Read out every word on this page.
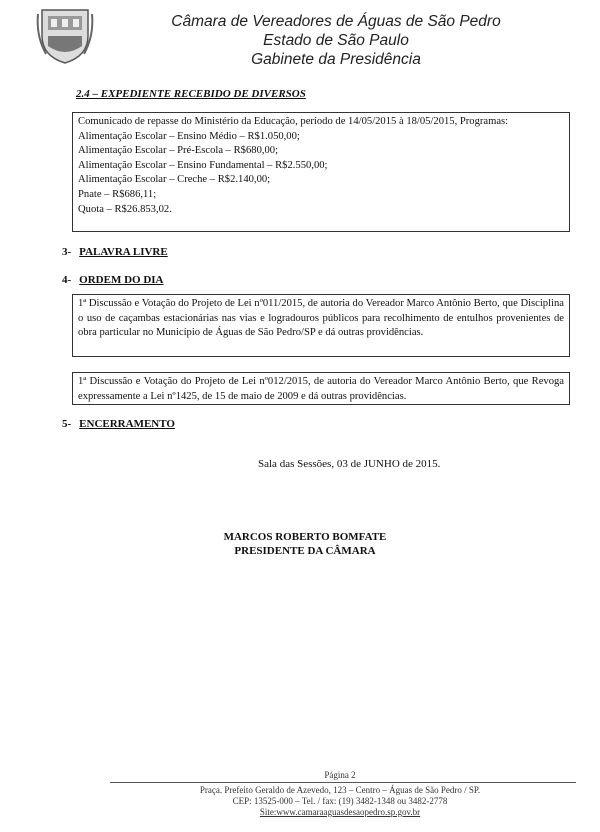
Câmara de Vereadores de Águas de São Pedro
Estado de São Paulo
Gabinete da Presidência
2.4 – EXPEDIENTE RECEBIDO DE DIVERSOS
Comunicado de repasse do Ministério da Educação, período de 14/05/2015 à 18/05/2015, Programas:
Alimentação Escolar – Ensino Médio – R$1.050,00;
Alimentação Escolar – Pré-Escola – R$680,00;
Alimentação Escolar – Ensino Fundamental – R$2.550,00;
Alimentação Escolar – Creche – R$2.140,00;
Pnate – R$686,11;
Quota – R$26.853,02.
3- PALAVRA LIVRE
4- ORDEM DO DIA
1ª Discussão e Votação do Projeto de Lei nº011/2015, de autoria do Vereador Marco Antônio Berto, que Disciplina o uso de caçambas estacionárias nas vias e logradouros públicos para recolhimento de entulhos provenientes de obra particular no Município de Águas de São Pedro/SP e dá outras providências.
1ª Discussão e Votação do Projeto de Lei nº012/2015, de autoria do Vereador Marco Antônio Berto, que Revoga expressamente a Lei nº1425, de 15 de maio de 2009 e dá outras providências.
5- ENCERRAMENTO
Sala das Sessões, 03 de JUNHO de 2015.
MARCOS ROBERTO BOMFATE
PRESIDENTE DA CÂMARA
Página 2
Praça. Prefeito Geraldo de Azevedo, 123 – Centro – Águas de São Pedro / SP.
CEP: 13525-000 – Tel. / fax: (19) 3482-1348 ou 3482-2778
Site:www.camaraaguasdesaopedro.sp.gov.br
